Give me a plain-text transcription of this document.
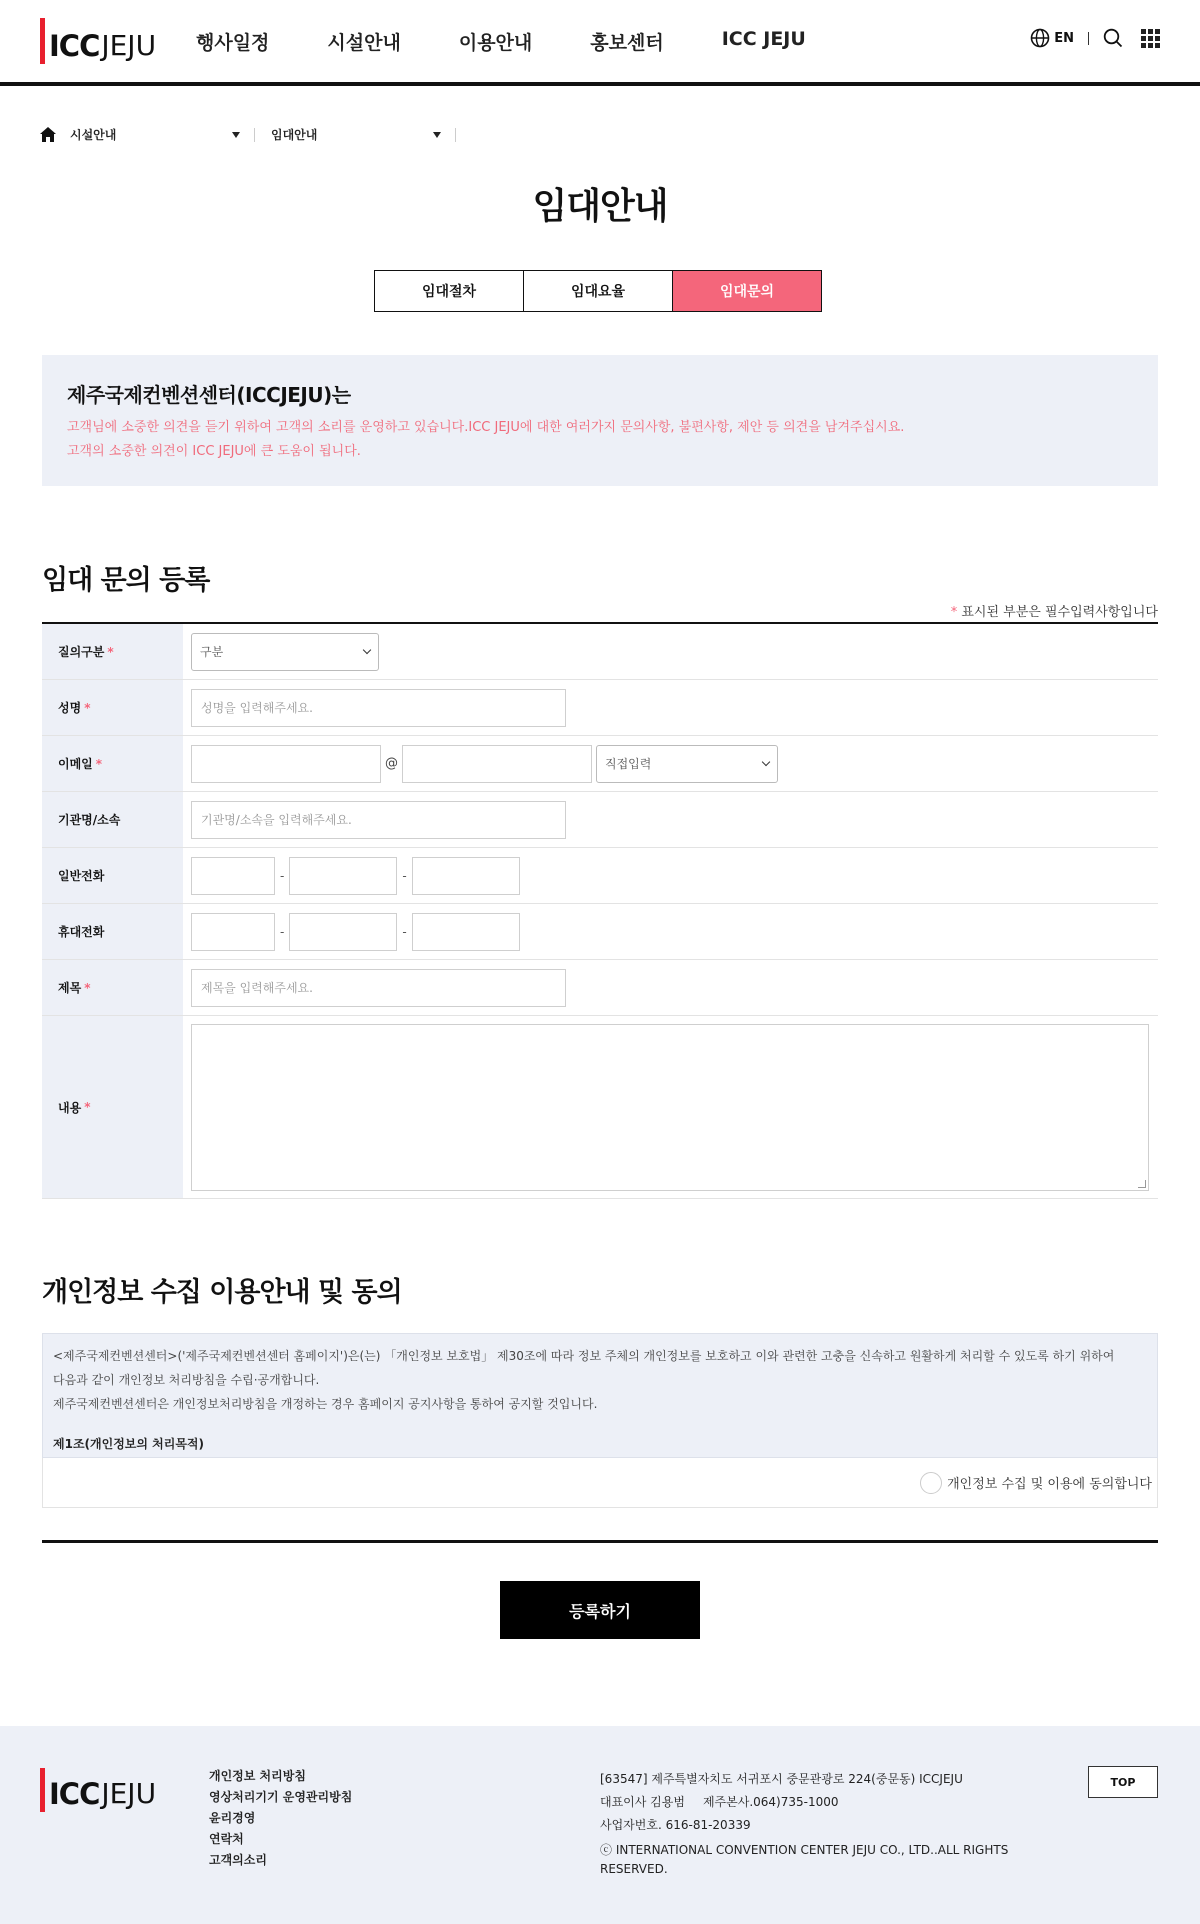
ICC JEJU 행사일정	시설안내	이용안내	홍보센터	ICC JEJU	EN
시설안내	임대안내
임대안내
임대절차	임대요율	임대문의
제주국제컨벤션센터(ICCJEJU)는

고객님에 소중한 의견을 듣기 위하여 고객의 소리를 운영하고 있습니다.ICC JEJU에 대한 여러가지 문의사항, 불편사항, 제안 등 의견을 남겨주십시요.

고객의 소중한 의견이 ICC JEJU에 큰 도움이 됩니다.

임대 문의 등록
* 표시된 부분은 필수입력사항입니다
질의구분 *	구분
성명 *	성명을 입력해주세요.
이메일 *	@	직접입력
기관명/소속	기관명/소속을 입력해주세요.
일반전화	-	-
휴대전화	-	-
제목 *	제목을 입력해주세요.
내용 *
개인정보 수집 이용안내 및 동의
<제주국제컨벤션센터>('제주국제컨벤션센터 홈페이지')은(는) 「개인정보 보호법」 제30조에 따라 정보 주체의 개인정보를 보호하고 이와 관련한 고충을 신속하고 원활하게 처리할 수 있도록 하기 위하여
다음과 같이 개인정보 처리방침을 수립·공개합니다.
제주국제컨벤션센터은 개인정보처리방침을 개정하는 경우 홈페이지 공지사항을 통하여 공지할 것입니다.
제1조(개인정보의 처리목적)
개인정보 수집 및 이용에 동의합니다
등록하기
ICC JEJU
개인정보 처리방침
영상처리기기 운영관리방침
윤리경영
연락처
고객의소리
[63547] 제주특별자치도 서귀포시 중문관광로 224(중문동) ICCJEJU
대표이사 김용범 제주본사.064)735-1000
사업자번호. 616-81-20339
ⓒ INTERNATIONAL CONVENTION CENTER JEJU CO., LTD..ALL RIGHTS RESERVED.
TOP
